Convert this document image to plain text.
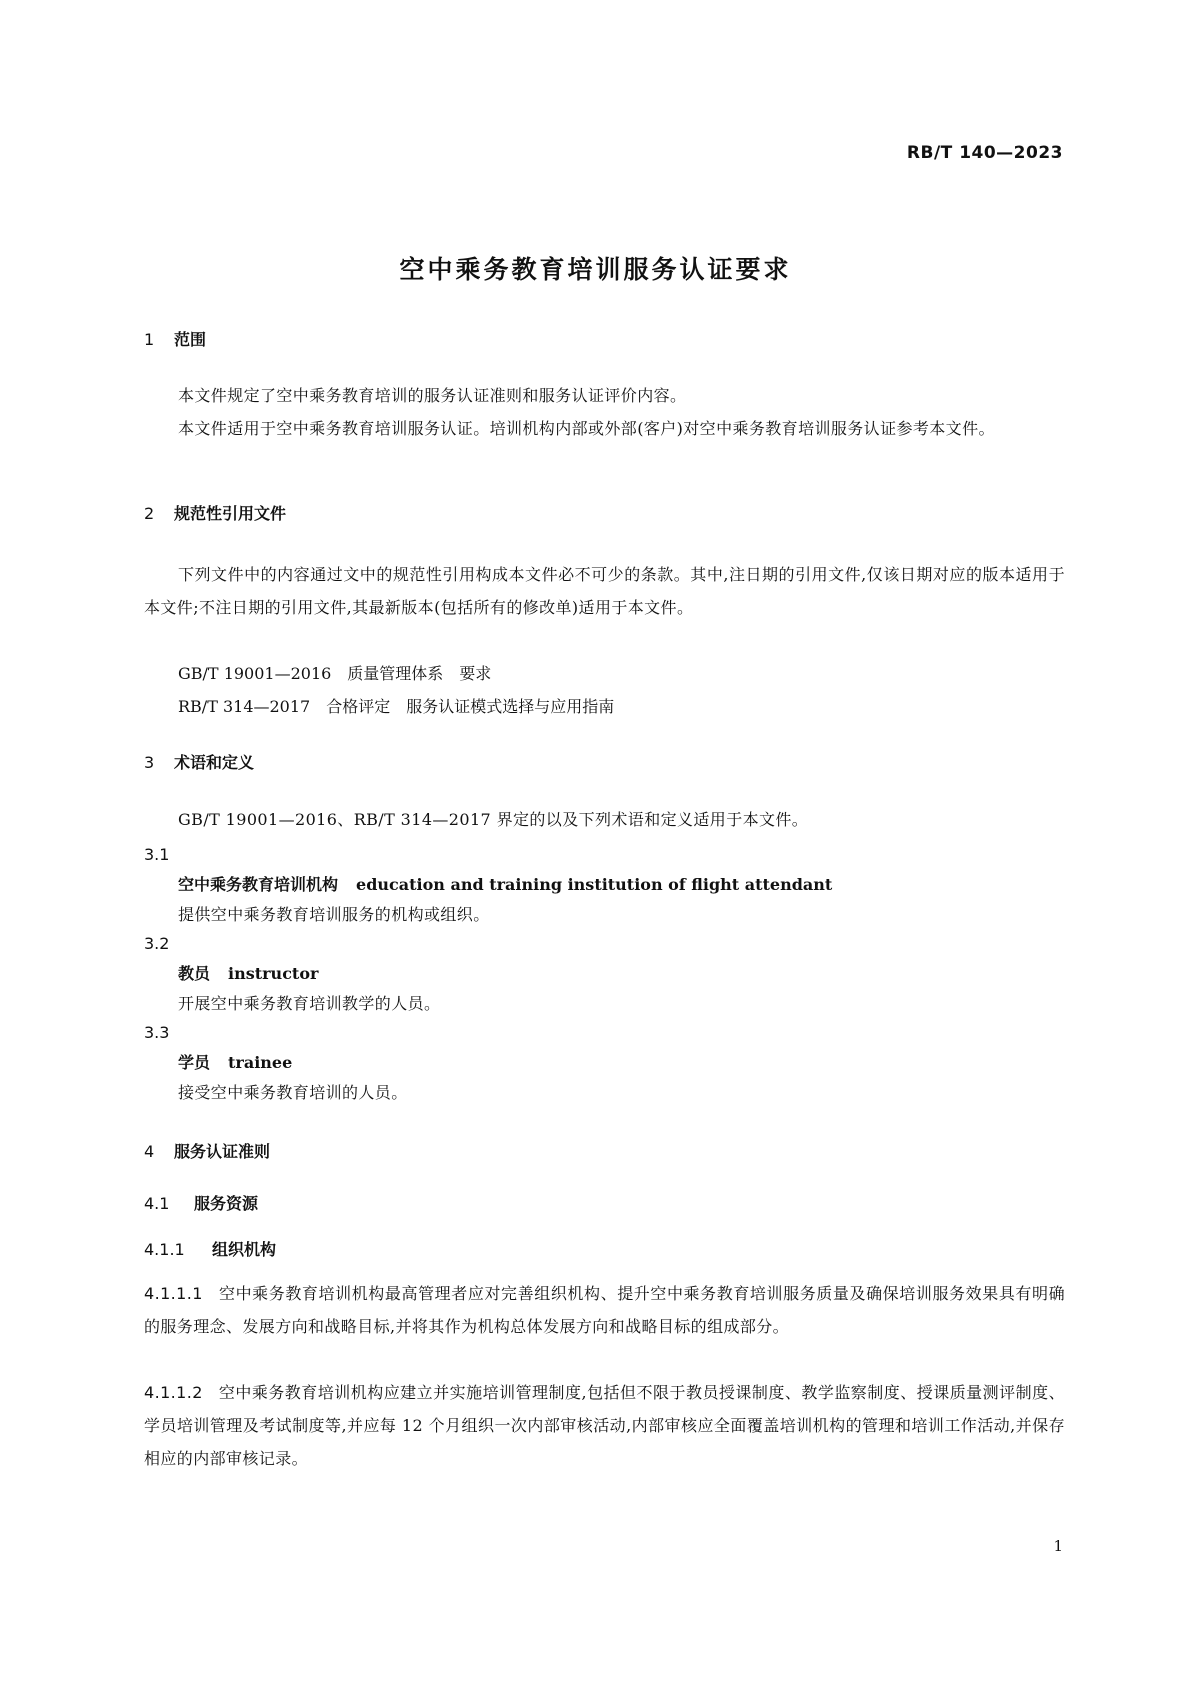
RB/T 140—2023
空中乘务教育培训服务认证要求
1 范围
本文件规定了空中乘务教育培训的服务认证准则和服务认证评价内容。
本文件适用于空中乘务教育培训服务认证。培训机构内部或外部(客户)对空中乘务教育培训服务认证参考本文件。
2 规范性引用文件
下列文件中的内容通过文中的规范性引用构成本文件必不可少的条款。其中,注日期的引用文件,仅该日期对应的版本适用于本文件;不注日期的引用文件,其最新版本(包括所有的修改单)适用于本文件。
GB/T 19001—2016　质量管理体系　要求
RB/T 314—2017　合格评定　服务认证模式选择与应用指南
3 术语和定义
GB/T 19001—2016、RB/T 314—2017 界定的以及下列术语和定义适用于本文件。
3.1
空中乘务教育培训机构 education and training institution of flight attendant
提供空中乘务教育培训服务的机构或组织。
3.2
教员 instructor
开展空中乘务教育培训教学的人员。
3.3
学员 trainee
接受空中乘务教育培训的人员。
4 服务认证准则
4.1 服务资源
4.1.1 组织机构
4.1.1.1 空中乘务教育培训机构最高管理者应对完善组织机构、提升空中乘务教育培训服务质量及确保培训服务效果具有明确的服务理念、发展方向和战略目标,并将其作为机构总体发展方向和战略目标的组成部分。
4.1.1.2 空中乘务教育培训机构应建立并实施培训管理制度,包括但不限于教员授课制度、教学监察制度、授课质量测评制度、学员培训管理及考试制度等,并应每 12 个月组织一次内部审核活动,内部审核应全面覆盖培训机构的管理和培训工作活动,并保存相应的内部审核记录。
1
